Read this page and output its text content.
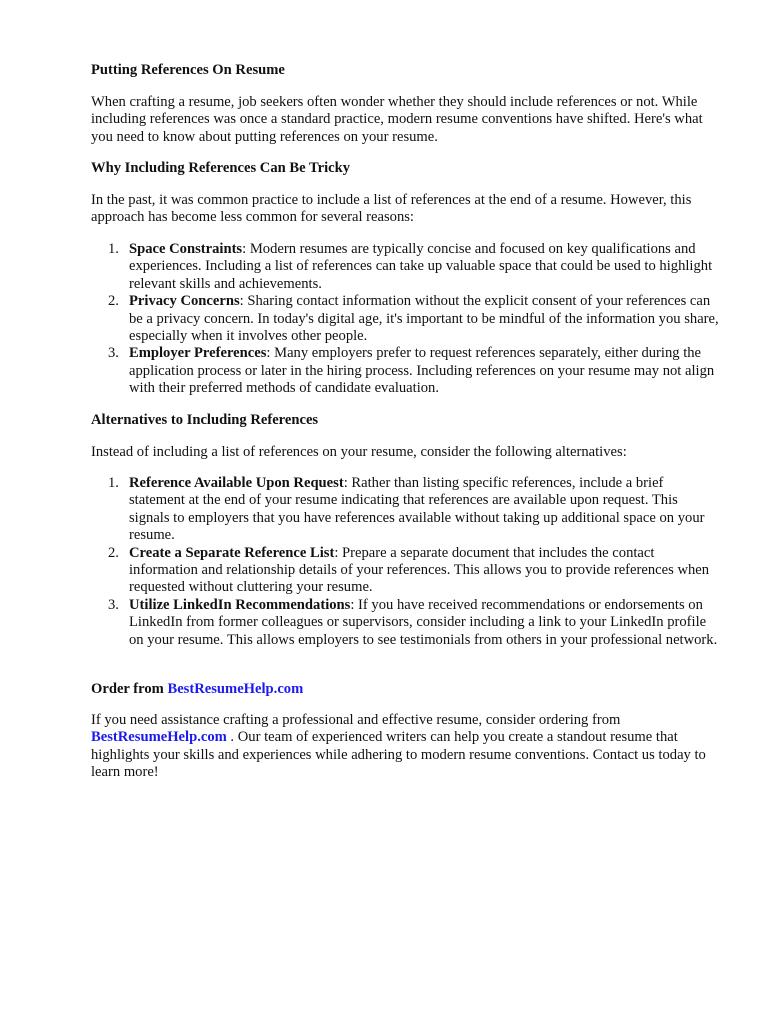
Putting References On Resume

When crafting a resume, job seekers often wonder whether they should include references or not. While including references was once a standard practice, modern resume conventions have shifted. Here's what you need to know about putting references on your resume.

Why Including References Can Be Tricky

In the past, it was common practice to include a list of references at the end of a resume. However, this approach has become less common for several reasons:

1. Space Constraints: Modern resumes are typically concise and focused on key qualifications and experiences. Including a list of references can take up valuable space that could be used to highlight relevant skills and achievements.
2. Privacy Concerns: Sharing contact information without the explicit consent of your references can be a privacy concern. In today's digital age, it's important to be mindful of the information you share, especially when it involves other people.
3. Employer Preferences: Many employers prefer to request references separately, either during the application process or later in the hiring process. Including references on your resume may not align with their preferred methods of candidate evaluation.
Alternatives to Including References

Instead of including a list of references on your resume, consider the following alternatives:

1. Reference Available Upon Request: Rather than listing specific references, include a brief statement at the end of your resume indicating that references are available upon request. This signals to employers that you have references available without taking up additional space on your resume.
2. Create a Separate Reference List: Prepare a separate document that includes the contact information and relationship details of your references. This allows you to provide references when requested without cluttering your resume.
3. Utilize LinkedIn Recommendations: If you have received recommendations or endorsements on LinkedIn from former colleagues or supervisors, consider including a link to your LinkedIn profile on your resume. This allows employers to see testimonials from others in your professional network.
Order from BestResumeHelp.com

If you need assistance crafting a professional and effective resume, consider ordering from BestResumeHelp.com . Our team of experienced writers can help you create a standout resume that highlights your skills and experiences while adhering to modern resume conventions. Contact us today to learn more!
